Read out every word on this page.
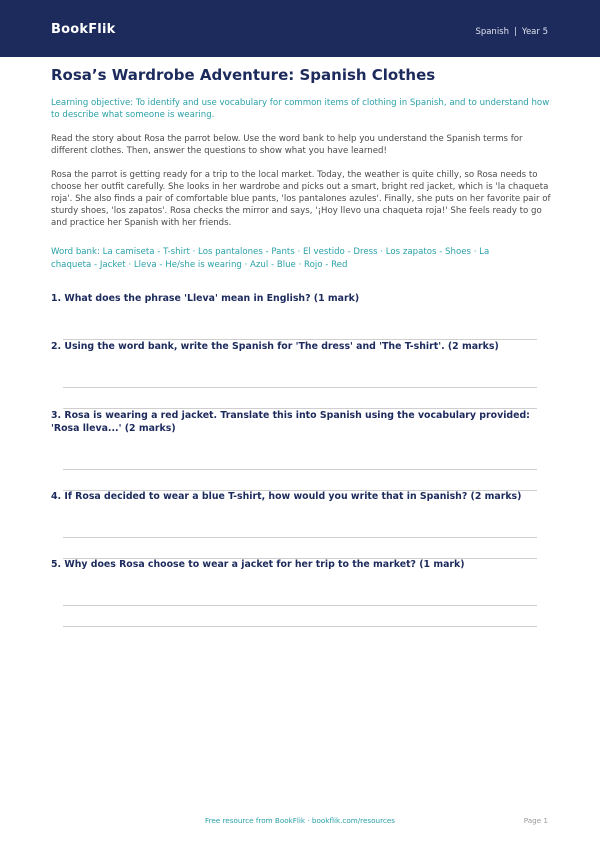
BookFlik	Spanish | Year 5
Rosa’s Wardrobe Adventure: Spanish Clothes
Learning objective: To identify and use vocabulary for common items of clothing in Spanish, and to understand how to describe what someone is wearing.
Read the story about Rosa the parrot below. Use the word bank to help you understand the Spanish terms for different clothes. Then, answer the questions to show what you have learned!
Rosa the parrot is getting ready for a trip to the local market. Today, the weather is quite chilly, so Rosa needs to choose her outfit carefully. She looks in her wardrobe and picks out a smart, bright red jacket, which is 'la chaqueta roja'. She also finds a pair of comfortable blue pants, 'los pantalones azules'. Finally, she puts on her favorite pair of sturdy shoes, 'los zapatos'. Rosa checks the mirror and says, '¡Hoy llevo una chaqueta roja!' She feels ready to go and practice her Spanish with her friends.
Word bank: La camiseta - T-shirt · Los pantalones - Pants · El vestido - Dress · Los zapatos - Shoes · La chaqueta - Jacket · Lleva - He/she is wearing · Azul - Blue · Rojo - Red
1. What does the phrase 'Lleva' mean in English? (1 mark)
2. Using the word bank, write the Spanish for 'The dress' and 'The T-shirt'. (2 marks)
3. Rosa is wearing a red jacket. Translate this into Spanish using the vocabulary provided: 'Rosa lleva...' (2 marks)
4. If Rosa decided to wear a blue T-shirt, how would you write that in Spanish? (2 marks)
5. Why does Rosa choose to wear a jacket for her trip to the market? (1 mark)
Free resource from BookFlik · bookflik.com/resources	Page 1
